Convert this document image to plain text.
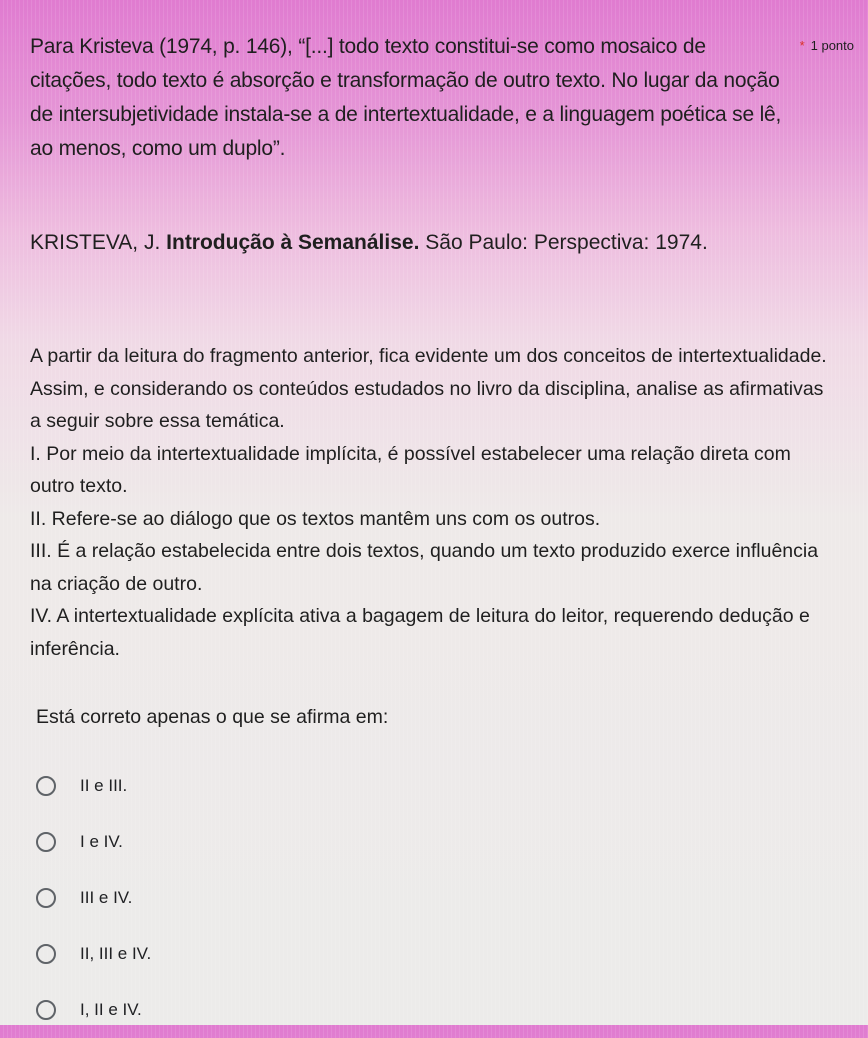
Para Kristeva (1974, p. 146), “[...] todo texto constitui-se como mosaico de citações, todo texto é absorção e transformação de outro texto. No lugar da noção de intersubjetividade instala-se a de intertextualidade, e a linguagem poética se lê, ao menos, como um duplo”.
* 1 ponto
KRISTEVA, J. Introdução à Semanálise. São Paulo: Perspectiva: 1974.

A partir da leitura do fragmento anterior, fica evidente um dos conceitos de intertextualidade. Assim, e considerando os conteúdos estudados no livro da disciplina, analise as afirmativas a seguir sobre essa temática.

I. Por meio da intertextualidade implícita, é possível estabelecer uma relação direta com outro texto.

II. Refere-se ao diálogo que os textos mantêm uns com os outros.

III. É a relação estabelecida entre dois textos, quando um texto produzido exerce influência na criação de outro.

IV. A intertextualidade explícita ativa a bagagem de leitura do leitor, requerendo dedução e inferência.

Está correto apenas o que se afirma em:
II e III.
I e IV.
III e IV.
II, III e IV.
I, II e IV.
